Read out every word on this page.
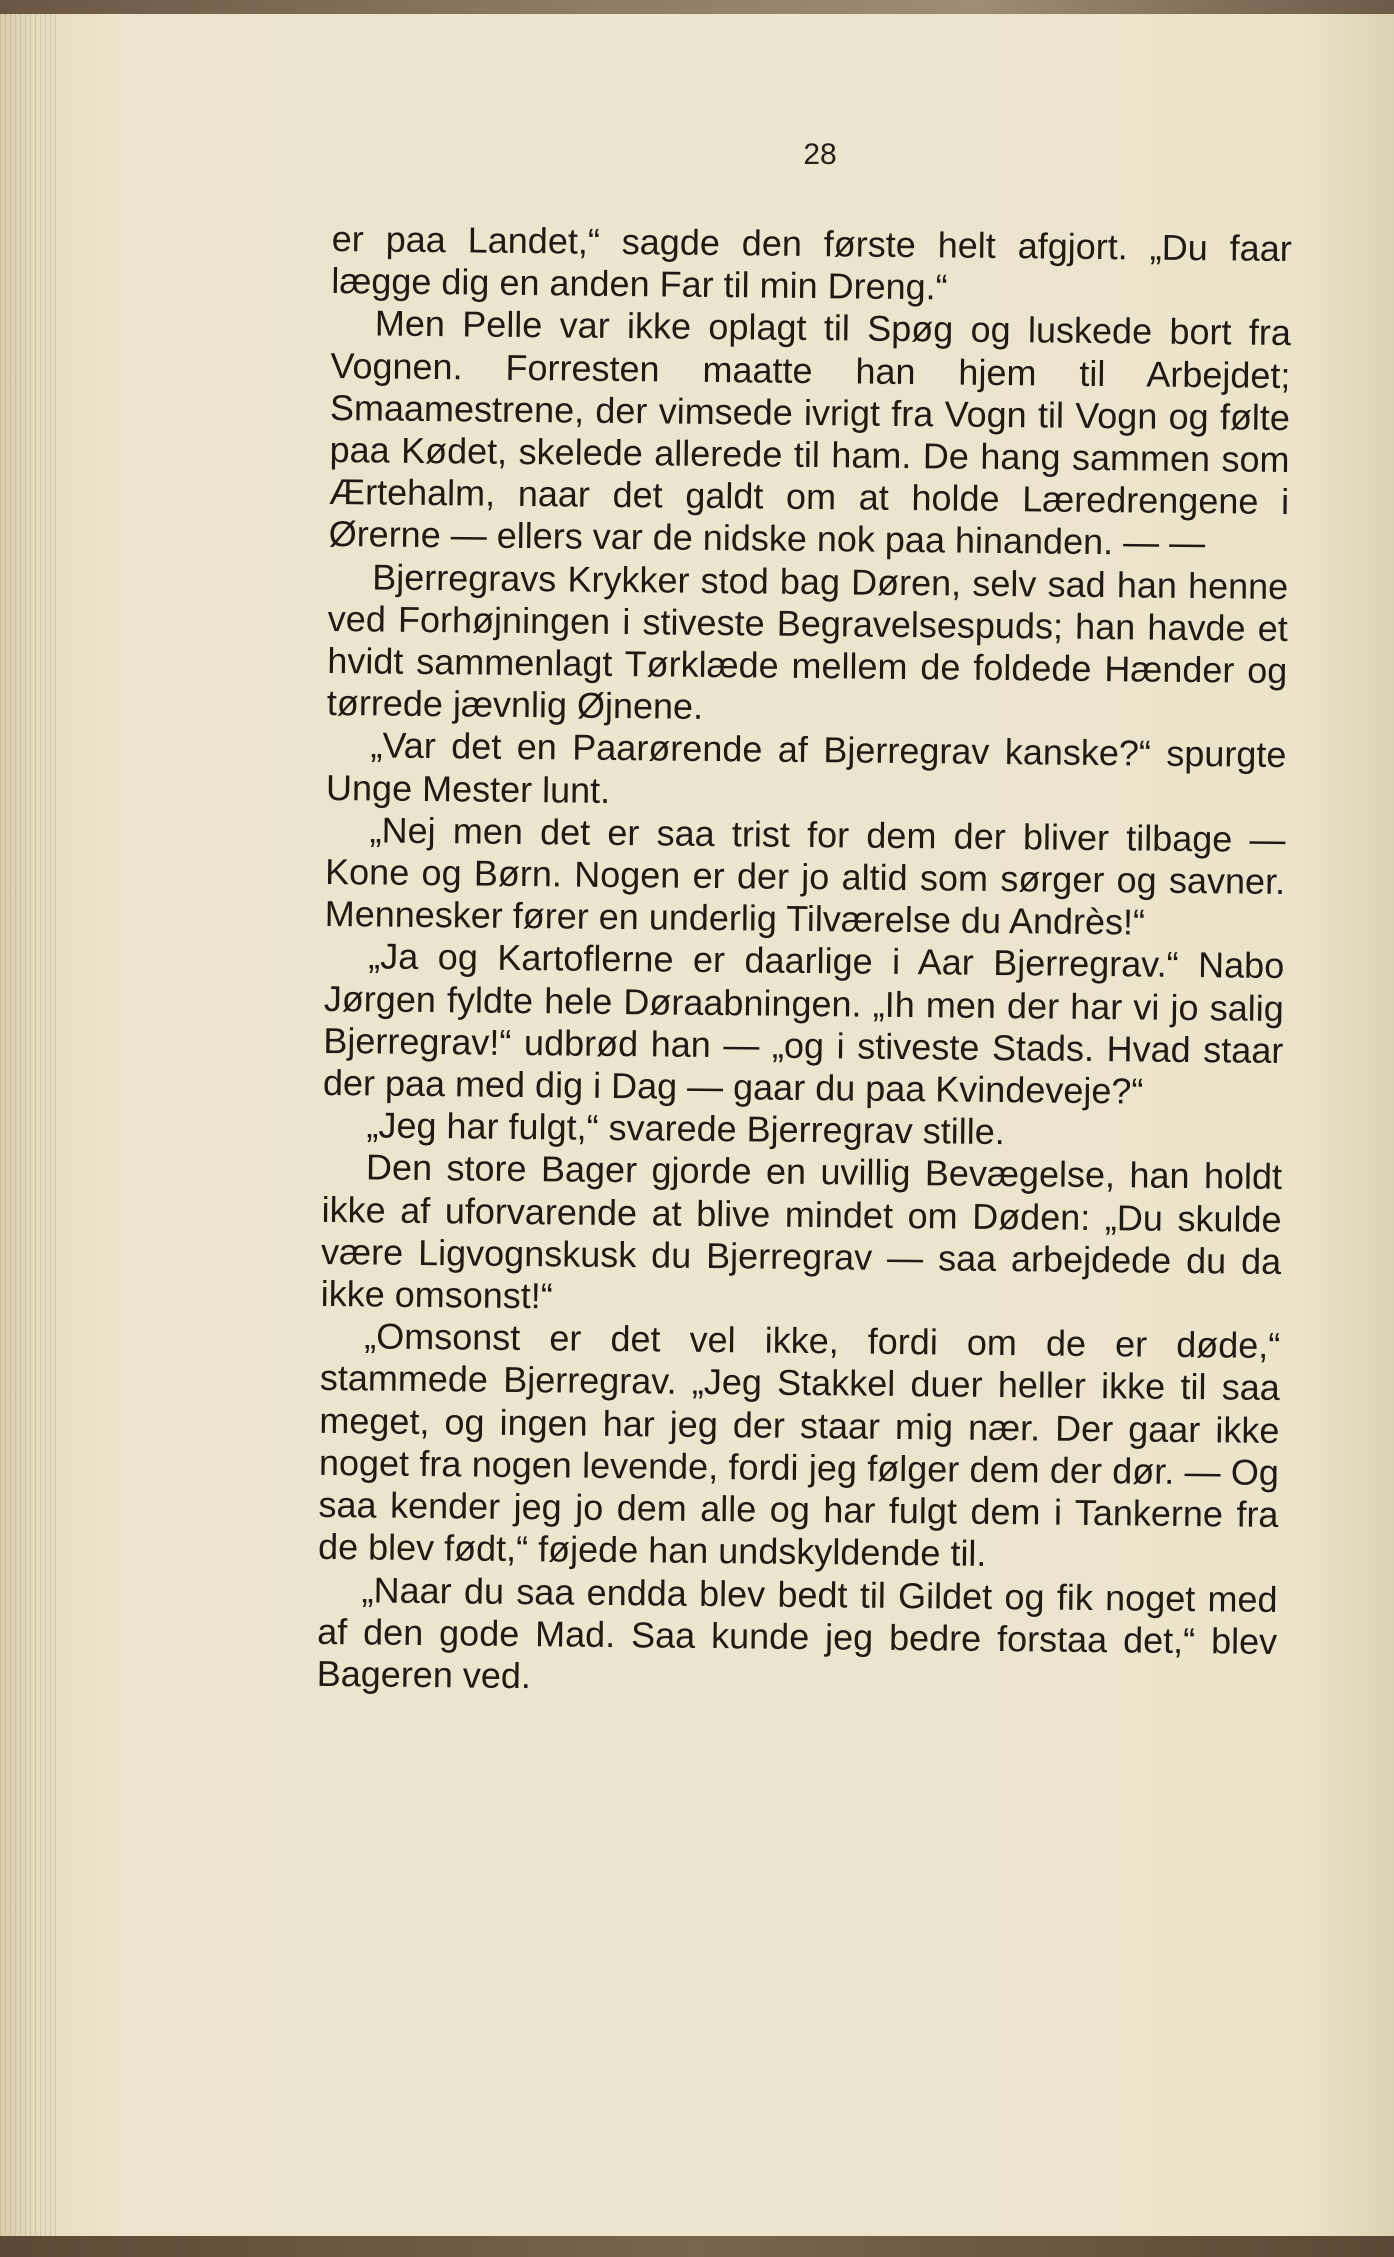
28

er paa Landet,“ sagde den første helt afgjort. „Du faar lægge dig en anden Far til min Dreng.“

Men Pelle var ikke oplagt til Spøg og luskede bort fra Vognen. Forresten maatte han hjem til Arbejdet; Smaamestrene, der vimsede ivrigt fra Vogn til Vogn og følte paa Kødet, skelede allerede til ham. De hang sammen som Ærtehalm, naar det galdt om at holde Læredrengene i Ørerne — ellers var de nidske nok paa hinanden. — —

Bjerregravs Krykker stod bag Døren, selv sad han henne ved Forhøjningen i stiveste Begravelsespuds; han havde et hvidt sammenlagt Tørklæde mellem de foldede Hænder og tørrede jævnlig Øjnene.

„Var det en Paarørende af Bjerregrav kanske?“ spurgte Unge Mester lunt.

„Nej men det er saa trist for dem der bliver tilbage — Kone og Børn. Nogen er der jo altid som sørger og savner. Mennesker fører en underlig Tilværelse du Andrès!“

„Ja og Kartoflerne er daarlige i Aar Bjerregrav.“ Nabo Jørgen fyldte hele Døraabningen. „Ih men der har vi jo salig Bjerregrav!“ udbrød han — „og i stiveste Stads. Hvad staar der paa med dig i Dag — gaar du paa Kvindeveje?“

„Jeg har fulgt,“ svarede Bjerregrav stille.

Den store Bager gjorde en uvillig Bevægelse, han holdt ikke af uforvarende at blive mindet om Døden: „Du skulde være Ligvognskusk du Bjerregrav — saa arbejdede du da ikke omsonst!“

„Omsonst er det vel ikke, fordi om de er døde,“ stammede Bjerregrav. „Jeg Stakkel duer heller ikke til saa meget, og ingen har jeg der staar mig nær. Der gaar ikke noget fra nogen levende, fordi jeg følger dem der dør. — Og saa kender jeg jo dem alle og har fulgt dem i Tankerne fra de blev født,“ føjede han undskyldende til.

„Naar du saa endda blev bedt til Gildet og fik noget med af den gode Mad. Saa kunde jeg bedre forstaa det,“ blev Bageren ved.
